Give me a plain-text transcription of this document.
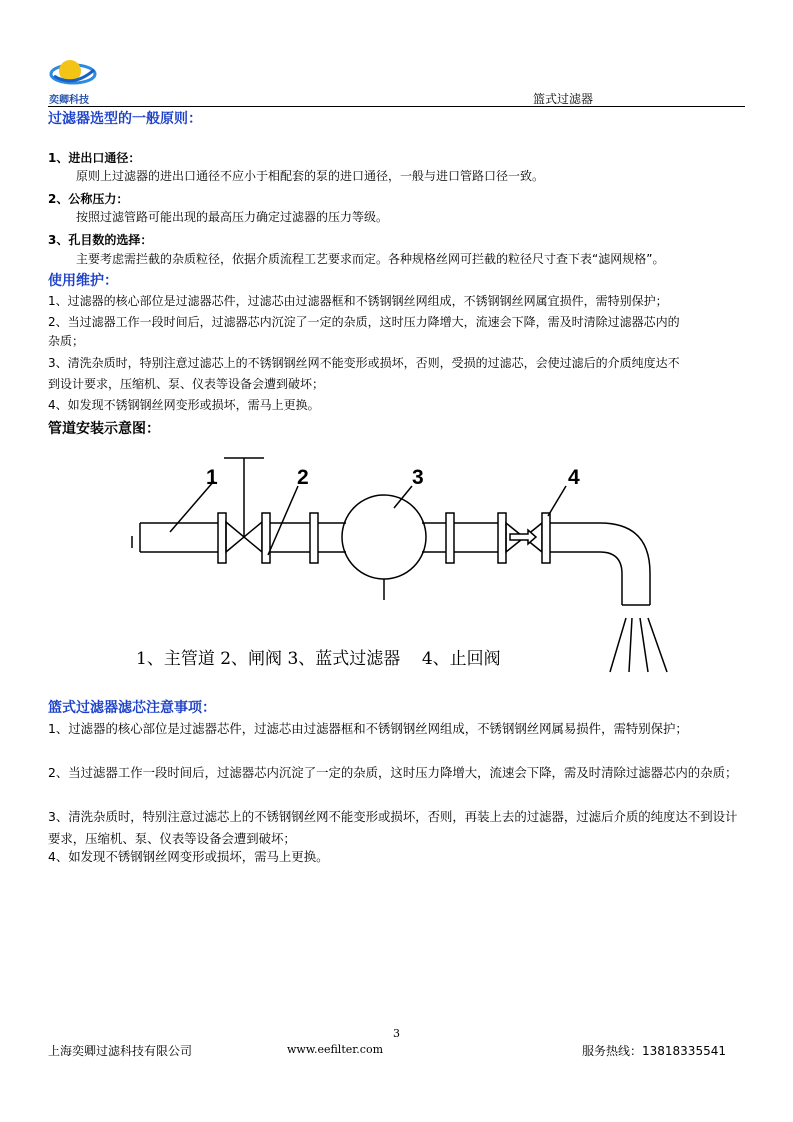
奕卿科技	篮式过滤器
过滤器选型的一般原则：
1、进出口通径：
原则上过滤器的进出口通径不应小于相配套的泵的进口通径，一般与进口管路口径一致。
2、公称压力：
按照过滤管路可能出现的最高压力确定过滤器的压力等级。
3、孔目数的选择：
主要考虑需拦截的杂质粒径，依据介质流程工艺要求而定。各种规格丝网可拦截的粒径尺寸查下表“滤网规格”。
使用维护：
1、过滤器的核心部位是过滤器芯件，过滤芯由过滤器框和不锈钢钢丝网组成，不锈钢钢丝网属宜损件，需特别保护；
2、当过滤器工作一段时间后，过滤器芯内沉淀了一定的杂质，这时压力降增大，流速会下降，需及时清除过滤器芯内的
杂质；
3、清洗杂质时，特别注意过滤芯上的不锈钢钢丝网不能变形或损坏，否则，受损的过滤芯，会使过滤后的介质纯度达不
到设计要求，压缩机、泵、仪表等设备会遭到破坏；
4、如发现不锈钢钢丝网变形或损坏，需马上更换。
管道安装示意图：
1	2	3	4
1、主管道 2、闸阀 3、蓝式过滤器    4、止回阀
篮式过滤器滤芯注意事项：
1、过滤器的核心部位是过滤器芯件，过滤芯由过滤器框和不锈钢钢丝网组成，不锈钢钢丝网属易损件，需特别保护；
2、当过滤器工作一段时间后，过滤器芯内沉淀了一定的杂质，这时压力降增大，流速会下降，需及时清除过滤器芯内的杂质；
3、清洗杂质时，特别注意过滤芯上的不锈钢钢丝网不能变形或损坏，否则，再装上去的过滤器，过滤后介质的纯度达不到设计要求，压缩机、泵、仪表等设备会遭到破坏；
4、如发现不锈钢钢丝网变形或损坏，需马上更换。
3
上海奕卿过滤科技有限公司	www.eefilter.com	服务热线：13818335541
